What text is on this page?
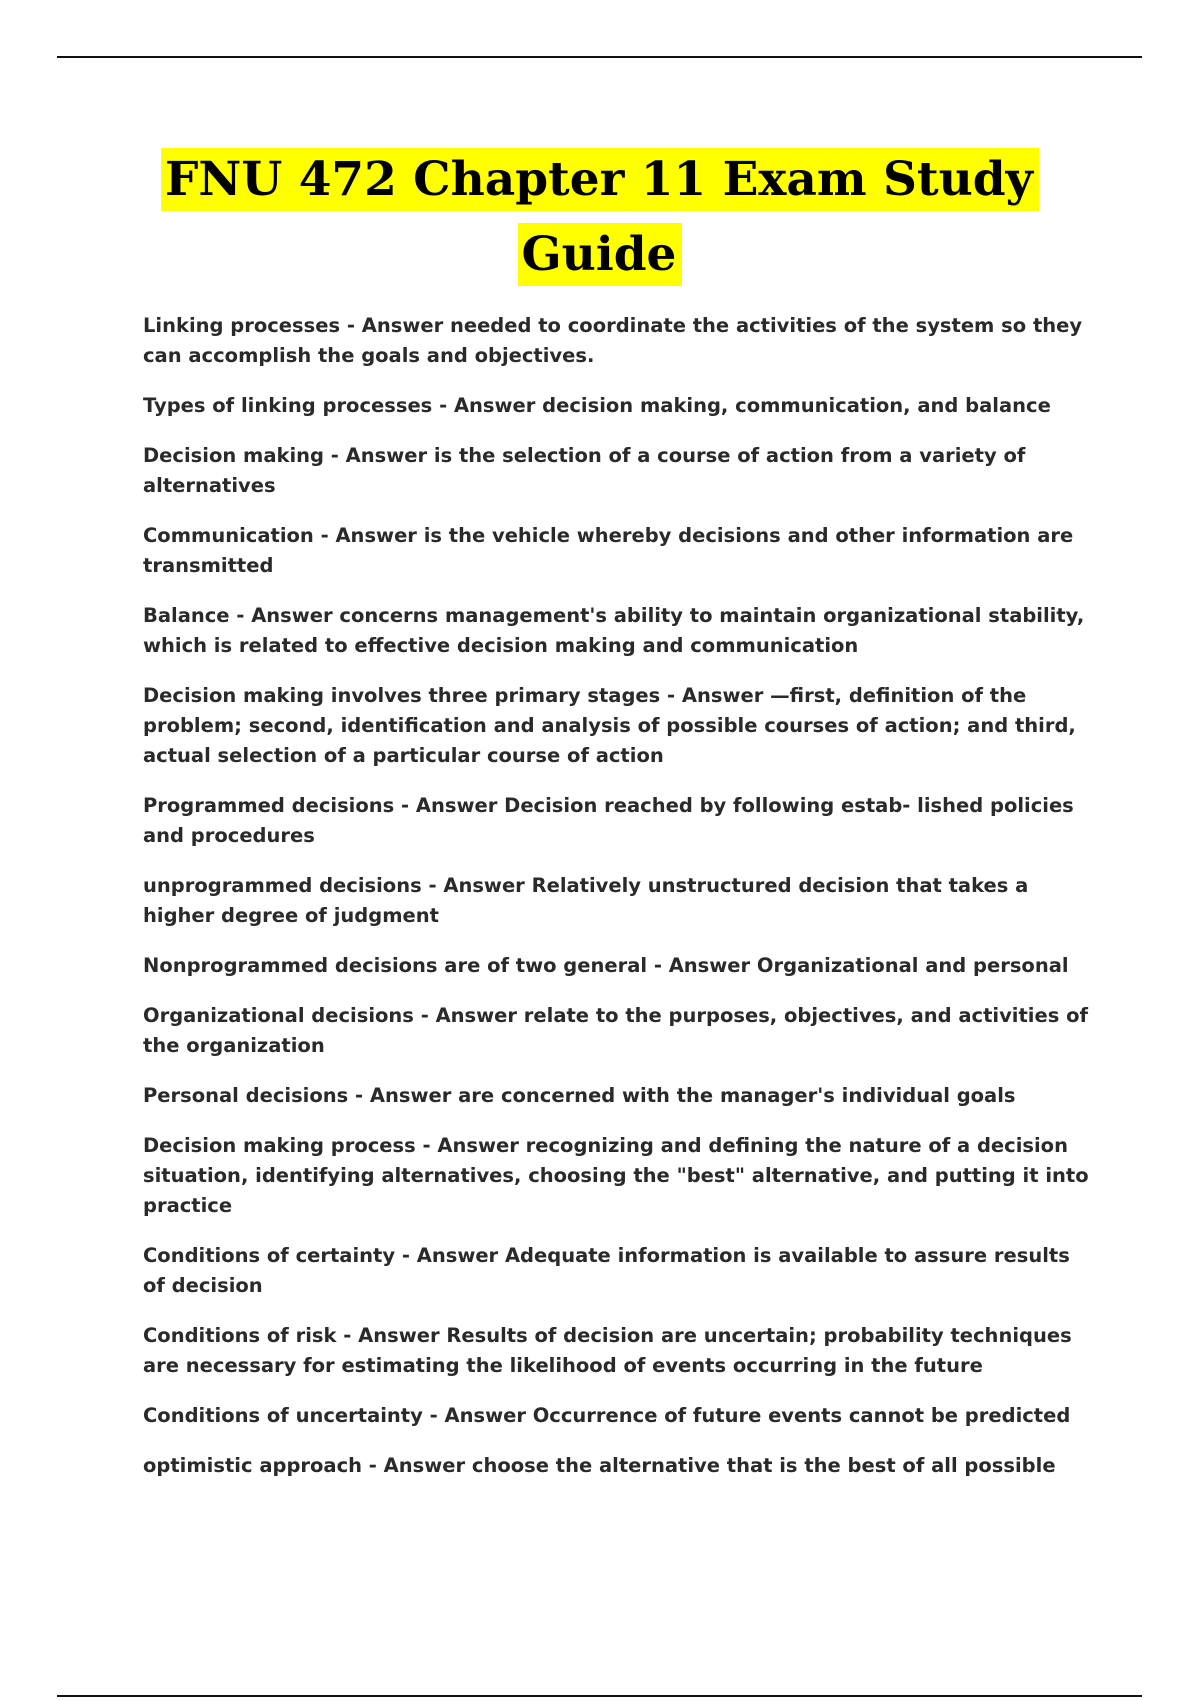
FNU 472 Chapter 11 Exam Study
Guide

Linking processes - Answer needed to coordinate the activities of the system so they can accomplish the goals and objectives.

Types of linking processes - Answer decision making, communication, and balance

Decision making - Answer is the selection of a course of action from a variety of alternatives

Communication - Answer is the vehicle whereby decisions and other information are transmitted

Balance - Answer concerns management's ability to maintain organizational stability, which is related to effective decision making and communication

Decision making involves three primary stages - Answer —first, definition of the problem; second, identification and analysis of possible courses of action; and third, actual selection of a particular course of action

Programmed decisions - Answer Decision reached by following estab- lished policies and procedures

unprogrammed decisions - Answer Relatively unstructured decision that takes a higher degree of judgment

Nonprogrammed decisions are of two general - Answer Organizational and personal

Organizational decisions - Answer relate to the purposes, objectives, and activities of the organization

Personal decisions - Answer are concerned with the manager's individual goals

Decision making process - Answer recognizing and defining the nature of a decision situation, identifying alternatives, choosing the "best" alternative, and putting it into practice

Conditions of certainty - Answer Adequate information is available to assure results of decision

Conditions of risk - Answer Results of decision are uncertain; probability techniques are necessary for estimating the likelihood of events occurring in the future

Conditions of uncertainty - Answer Occurrence of future events cannot be predicted

optimistic approach - Answer choose the alternative that is the best of all possible
